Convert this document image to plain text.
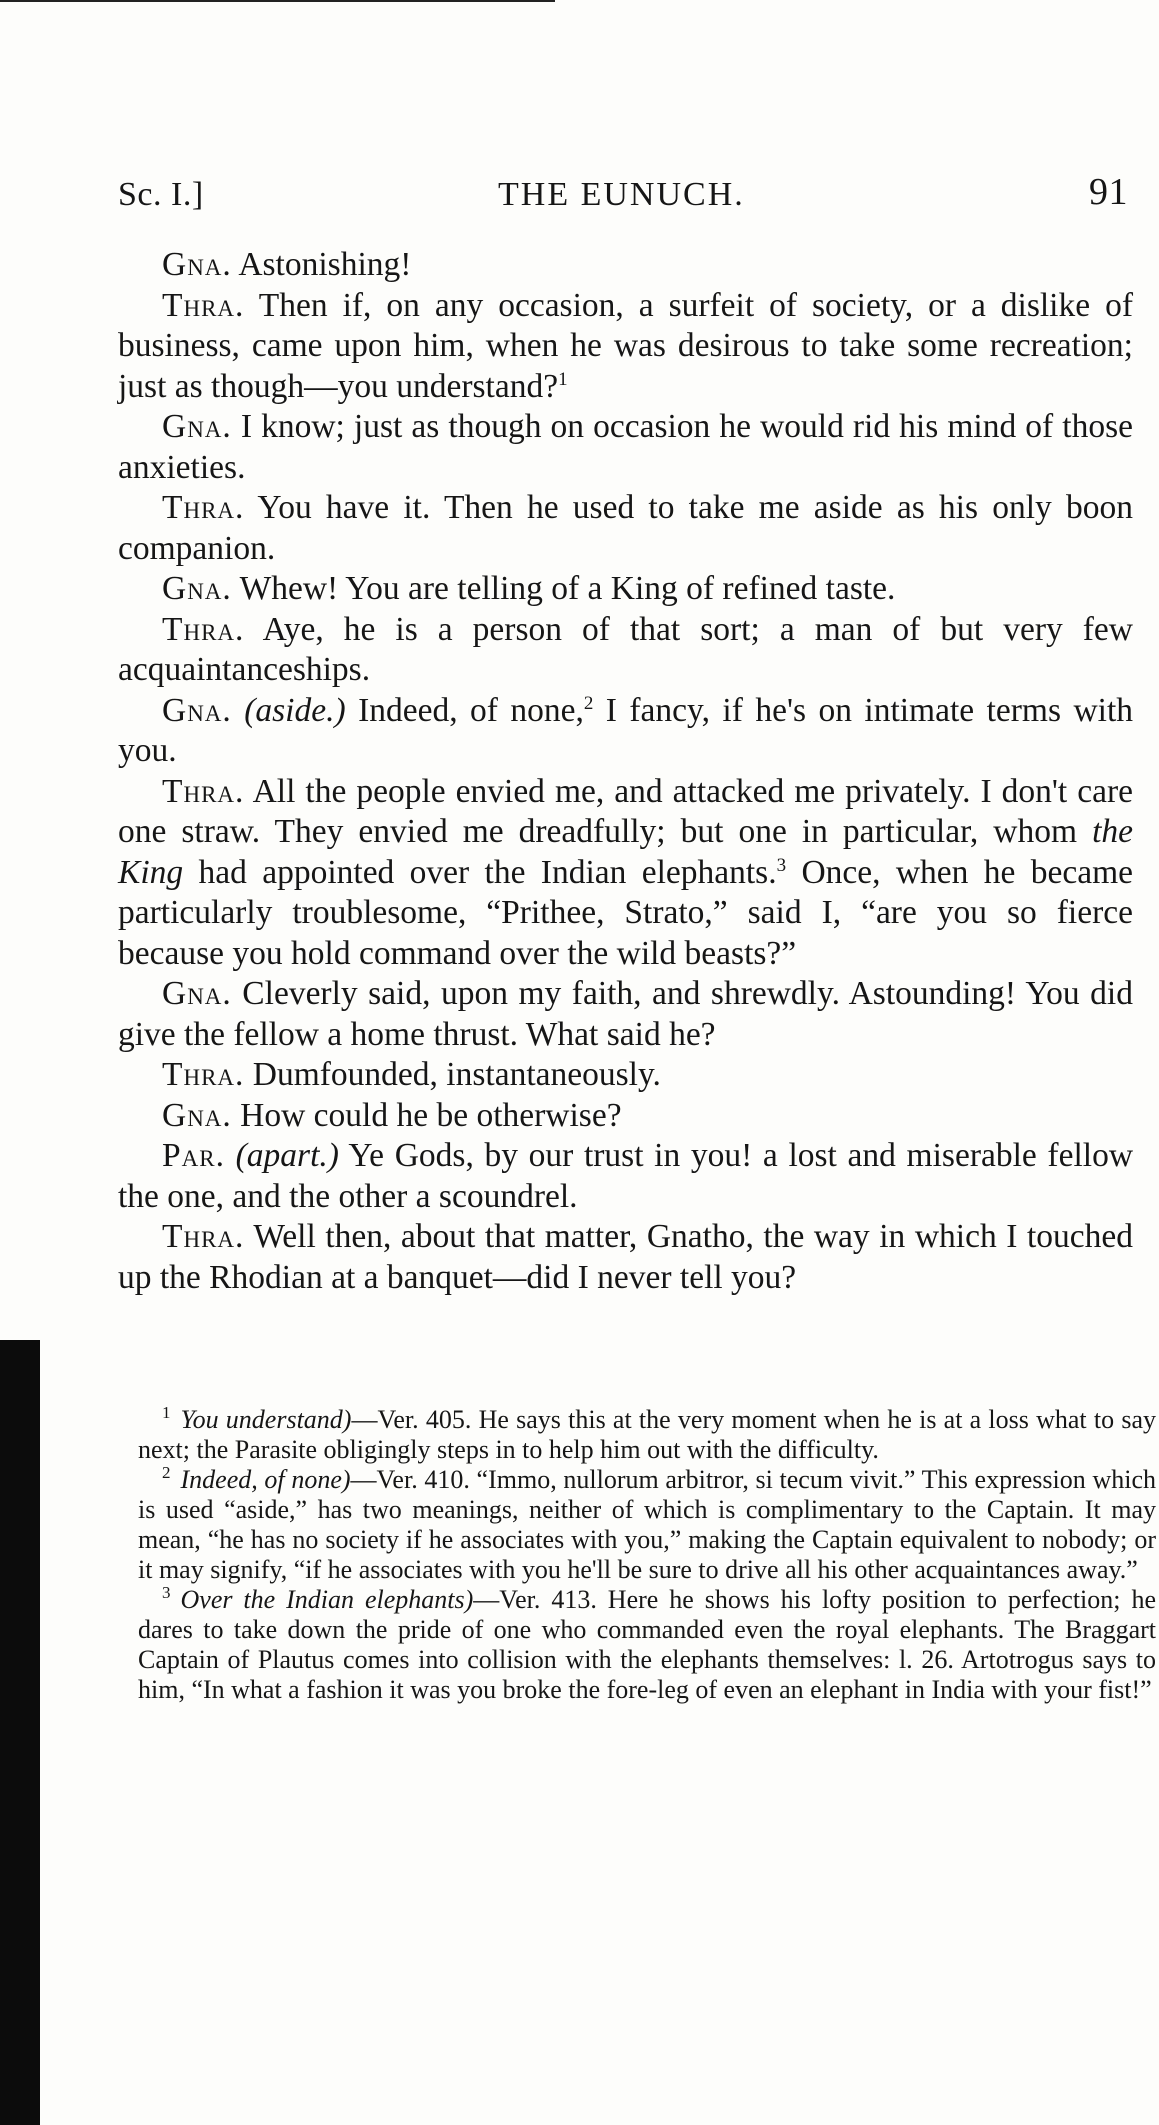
Sc. I.]	THE EUNUCH.	91

Gna. Astonishing!

Thra. Then if, on any occasion, a surfeit of society, or a dislike of business, came upon him, when he was desirous to take some recreation; just as though—you understand?$^1$

Gna. I know; just as though on occasion he would rid his mind of those anxieties.

Thra. You have it. Then he used to take me aside as his only boon companion.

Gna. Whew! You are telling of a King of refined taste.

Thra. Aye, he is a person of that sort; a man of but very few acquaintanceships.

Gna. (aside.) Indeed, of none,$^2$ I fancy, if he's on intimate terms with you.

Thra. All the people envied me, and attacked me privately. I don't care one straw. They envied me dreadfully; but one in particular, whom the King had appointed over the Indian elephants.$^3$ Once, when he became particularly troublesome, “Prithee, Strato,” said I, “are you so fierce because you hold command over the wild beasts?”

Gna. Cleverly said, upon my faith, and shrewdly. Astounding! You did give the fellow a home thrust. What said he?

Thra. Dumfounded, instantaneously.

Gna. How could he be otherwise?

Par. (apart.) Ye Gods, by our trust in you! a lost and miserable fellow the one, and the other a scoundrel.

Thra. Well then, about that matter, Gnatho, the way in which I touched up the Rhodian at a banquet—did I never tell you?

$^1$ You understand)—Ver. 405. He says this at the very moment when he is at a loss what to say next; the Parasite obligingly steps in to help him out with the difficulty.

$^2$ Indeed, of none)—Ver. 410. “Immo, nullorum arbitror, si tecum vivit.” This expression which is used “aside,” has two meanings, neither of which is complimentary to the Captain. It may mean, “he has no society if he associates with you,” making the Captain equivalent to nobody; or it may signify, “if he associates with you he'll be sure to drive all his other acquaintances away.”

$^3$ Over the Indian elephants)—Ver. 413. Here he shows his lofty position to perfection; he dares to take down the pride of one who commanded even the royal elephants. The Braggart Captain of Plautus comes into collision with the elephants themselves: l. 26. Artotrogus says to him, “In what a fashion it was you broke the fore-leg of even an elephant in India with your fist!”
